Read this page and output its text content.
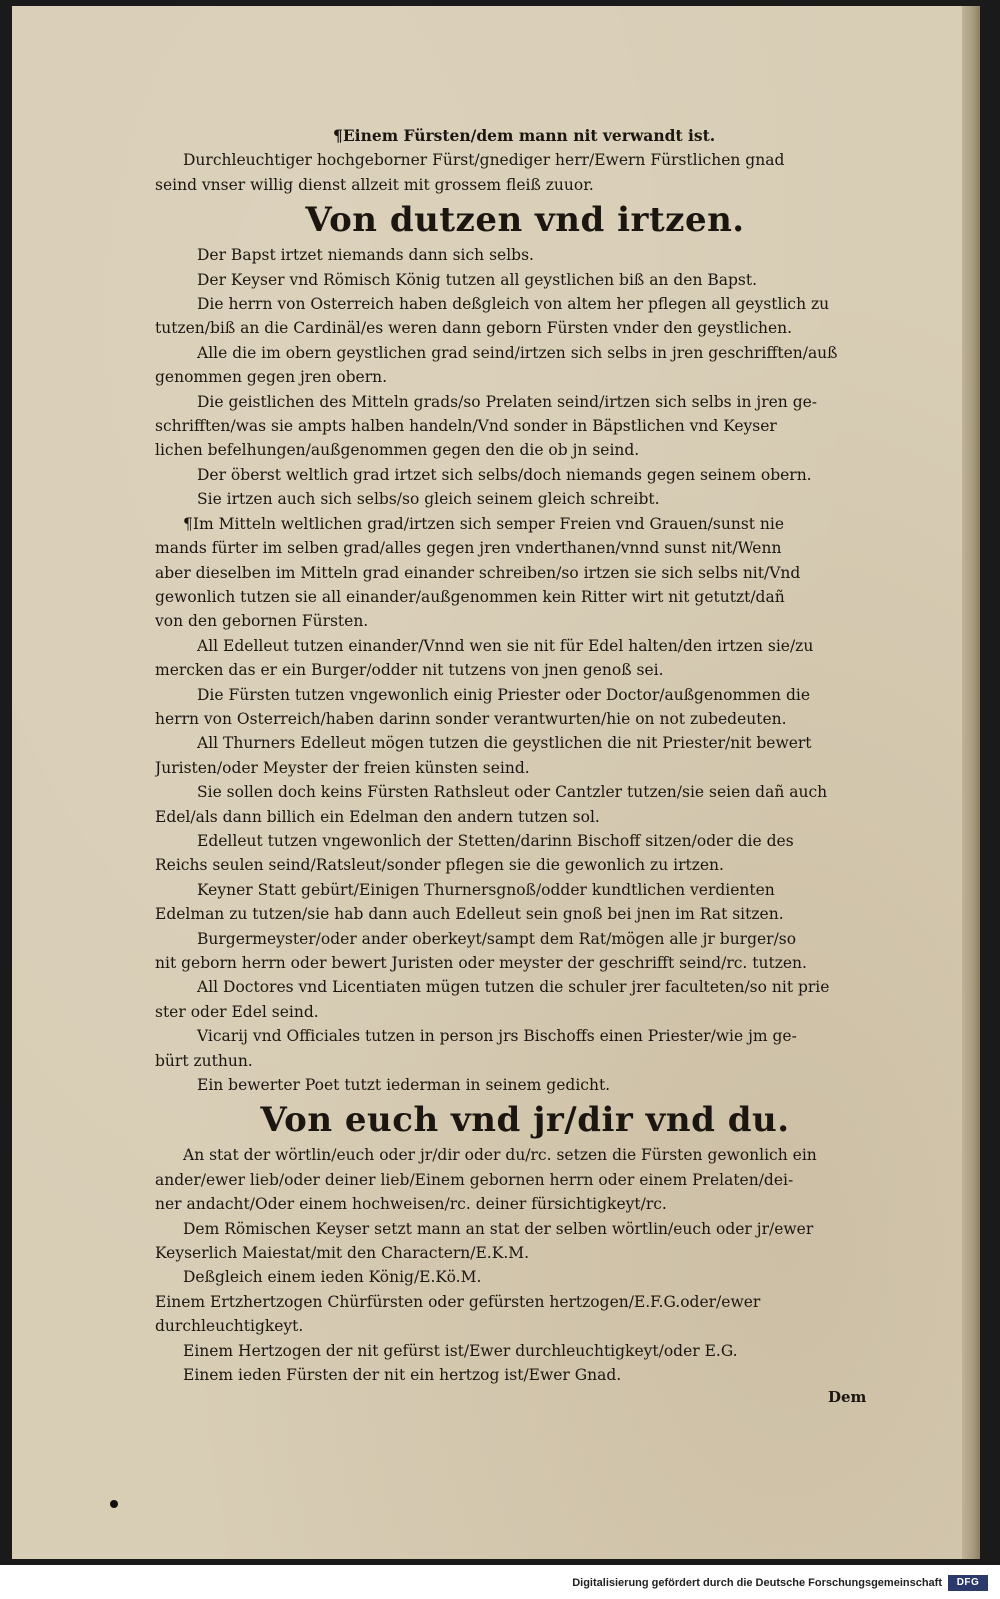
¶Einem Fürsten/dem mann nit verwandt ist.
Durchleuchtiger hochgeborner Fürst/gnediger herr/Ewern Fürstlichen gnad
seind vnser willig dienst allzeit mit grossem fleiß zuuor.
Von dutzen vnd irtzen.
Der Bapst irtzet niemands dann sich selbs.
Der Keyser vnd Römisch König tutzen all geystlichen biß an den Bapst.
Die herrn von Osterreich haben deßgleich von altem her pflegen all geystlich zu
tutzen/biß an die Cardinäl/es weren dann geborn Fürsten vnder den geystlichen.
Alle die im obern geystlichen grad seind/irtzen sich selbs in jren geschrifften/auß
genommen gegen jren obern.
Die geistlichen des Mitteln grads/so Prelaten seind/irtzen sich selbs in jren ge-
schrifften/was sie ampts halben handeln/Vnd sonder in Bäpstlichen vnd Keyser
lichen befelhungen/außgenommen gegen den die ob jn seind.
Der öberst weltlich grad irtzet sich selbs/doch niemands gegen seinem obern.
Sie irtzen auch sich selbs/so gleich seinem gleich schreibt.
¶Im Mitteln weltlichen grad/irtzen sich semper Freien vnd Grauen/sunst nie
mands fürter im selben grad/alles gegen jren vnderthanen/vnnd sunst nit/Wenn
aber dieselben im Mitteln grad einander schreiben/so irtzen sie sich selbs nit/Vnd
gewonlich tutzen sie all einander/außgenommen kein Ritter wirt nit getutzt/dañ
von den gebornen Fürsten.
All Edelleut tutzen einander/Vnnd wen sie nit für Edel halten/den irtzen sie/zu
mercken das er ein Burger/odder nit tutzens von jnen genoß sei.
Die Fürsten tutzen vngewonlich einig Priester oder Doctor/außgenommen die
herrn von Osterreich/haben darinn sonder verantwurten/hie on not zubedeuten.
All Thurners Edelleut mögen tutzen die geystlichen die nit Priester/nit bewert
Juristen/oder Meyster der freien künsten seind.
Sie sollen doch keins Fürsten Rathsleut oder Cantzler tutzen/sie seien dañ auch
Edel/als dann billich ein Edelman den andern tutzen sol.
Edelleut tutzen vngewonlich der Stetten/darinn Bischoff sitzen/oder die des
Reichs seulen seind/Ratsleut/sonder pflegen sie die gewonlich zu irtzen.
Keyner Statt gebürt/Einigen Thurnersgnoß/odder kundtlichen verdienten
Edelman zu tutzen/sie hab dann auch Edelleut sein gnoß bei jnen im Rat sitzen.
Burgermeyster/oder ander oberkeyt/sampt dem Rat/mögen alle jr burger/so
nit geborn herrn oder bewert Juristen oder meyster der geschrifft seind/rc. tutzen.
All Doctores vnd Licentiaten mügen tutzen die schuler jrer faculteten/so nit prie
ster oder Edel seind.
Vicarij vnd Officiales tutzen in person jrs Bischoffs einen Priester/wie jm ge-
bürt zuthun.
Ein bewerter Poet tutzt iederman in seinem gedicht.
Von euch vnd jr/dir vnd du.
An stat der wörtlin/euch oder jr/dir oder du/rc. setzen die Fürsten gewonlich ein
ander/ewer lieb/oder deiner lieb/Einem gebornen herrn oder einem Prelaten/dei-
ner andacht/Oder einem hochweisen/rc. deiner fürsichtigkeyt/rc.
Dem Römischen Keyser setzt mann an stat der selben wörtlin/euch oder jr/ewer
Keyserlich Maiestat/mit den Charactern/E.K.M.
Deßgleich einem ieden König/E.Kö.M.
Einem Ertzhertzogen Chürfürsten oder gefürsten hertzogen/E.F.G.oder/ewer
durchleuchtigkeyt.
Einem Hertzogen der nit gefürst ist/Ewer durchleuchtigkeyt/oder E.G.
Einem ieden Fürsten der nit ein hertzog ist/Ewer Gnad.
Dem
Digitalisierung gefördert durch die Deutsche Forschungsgemeinschaft	DFG
